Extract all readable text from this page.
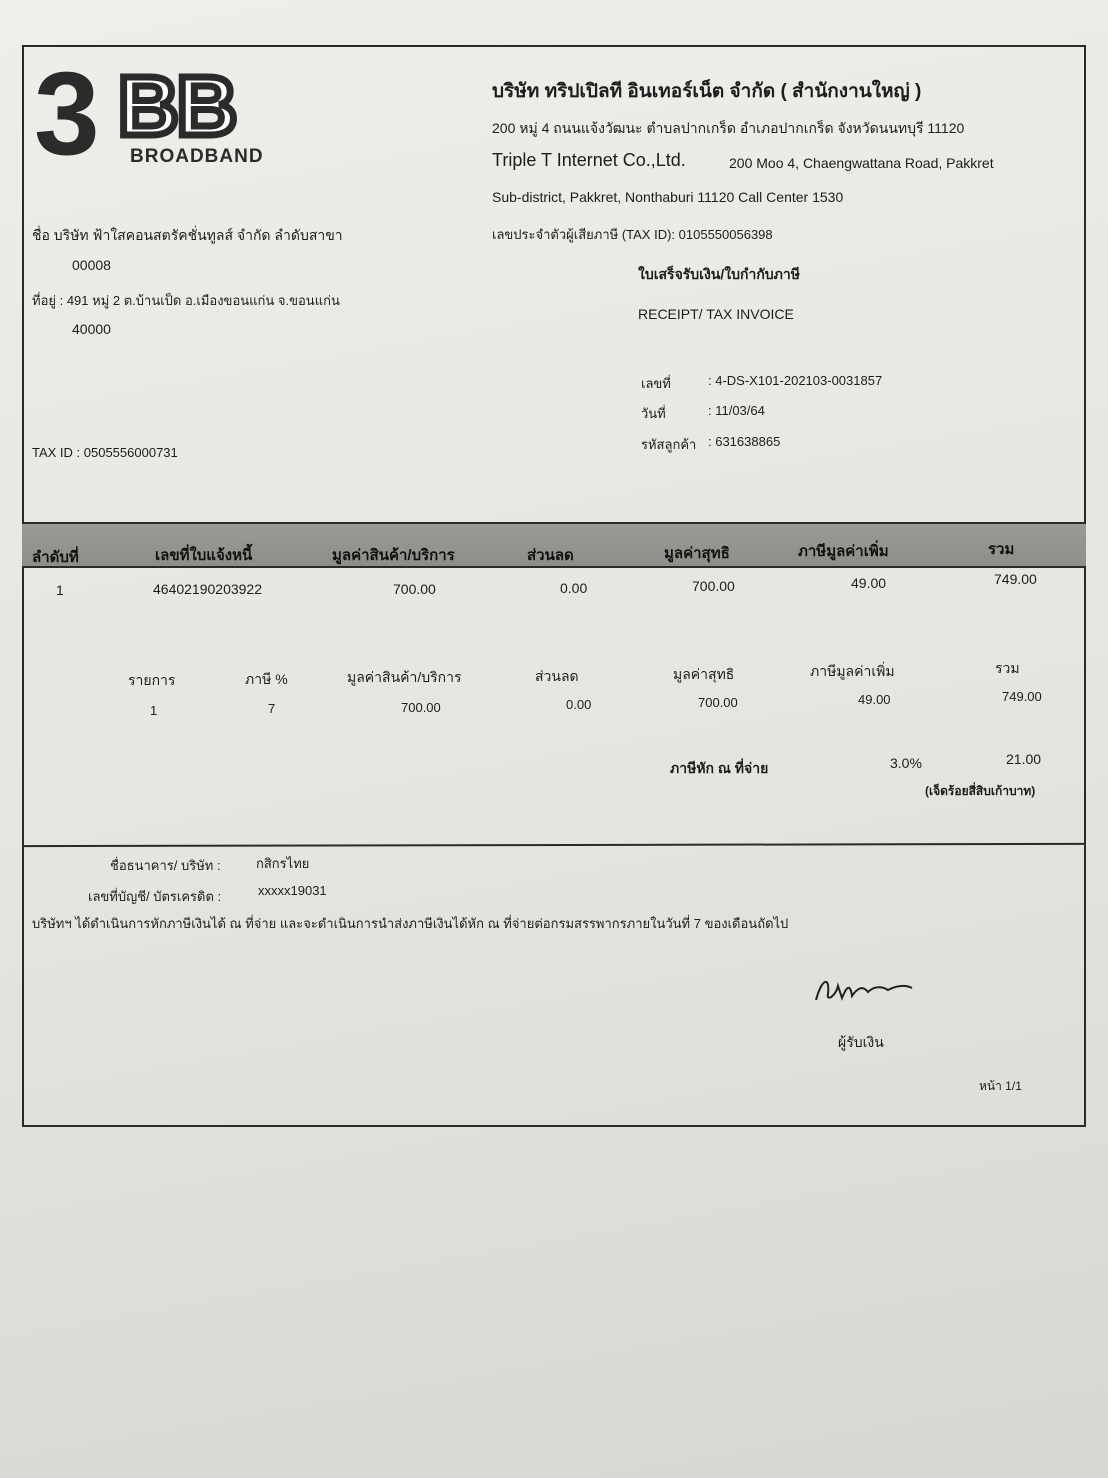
3 BROADBAND
BB	บริษัท ทริปเปิลที อินเทอร์เน็ต จำกัด ( สำนักงานใหญ่ )
200 หมู่ 4 ถนนแจ้งวัฒนะ ตำบลปากเกร็ด อำเภอปากเกร็ด จังหวัดนนทบุรี 11120
Triple T Internet Co.,Ltd.	200 Moo 4, Chaengwattana Road, Pakkret
Sub-district, Pakkret, Nonthaburi 11120 Call Center 1530
เลขประจำตัวผู้เสียภาษี (TAX ID): 0105550056398
ใบเสร็จรับเงิน/ใบกำกับภาษี
RECEIPT/ TAX INVOICE
ชื่อ บริษัท ฟ้าใสคอนสตรัคชั่นทูลส์ จำกัด ลำดับสาขา
00008
ที่อยู่ : 491 หมู่ 2 ต.บ้านเป็ด อ.เมืองขอนแก่น จ.ขอนแก่น
40000
TAX ID : 0505556000731
เลขที่	: 4-DS-X101-202103-0031857
วันที่	: 11/03/64
รหัสลูกค้า : 631638865
ลำดับที่	เลขที่ใบแจ้งหนี้	มูลค่าสินค้า/บริการ	ส่วนลด	มูลค่าสุทธิ	ภาษีมูลค่าเพิ่ม	รวม
1	46402190203922	700.00	0.00	700.00	49.00	749.00
รายการ	ภาษี %	มูลค่าสินค้า/บริการ	ส่วนลด	มูลค่าสุทธิ	ภาษีมูลค่าเพิ่ม	รวม
1	7	700.00	0.00	700.00	49.00	749.00
ภาษีหัก ณ ที่จ่าย	3.0%	21.00
(เจ็ดร้อยสี่สิบเก้าบาท)
ชื่อธนาคาร/ บริษัท :	กสิกรไทย
เลขที่บัญชี/ บัตรเครดิต :	xxxxx19031
บริษัทฯ ได้ดำเนินการหักภาษีเงินได้ ณ ที่จ่าย และจะดำเนินการนำส่งภาษีเงินได้หัก ณ ที่จ่ายต่อกรมสรรพากรภายในวันที่ 7 ของเดือนถัดไป
ผู้รับเงิน
หน้า 1/1
